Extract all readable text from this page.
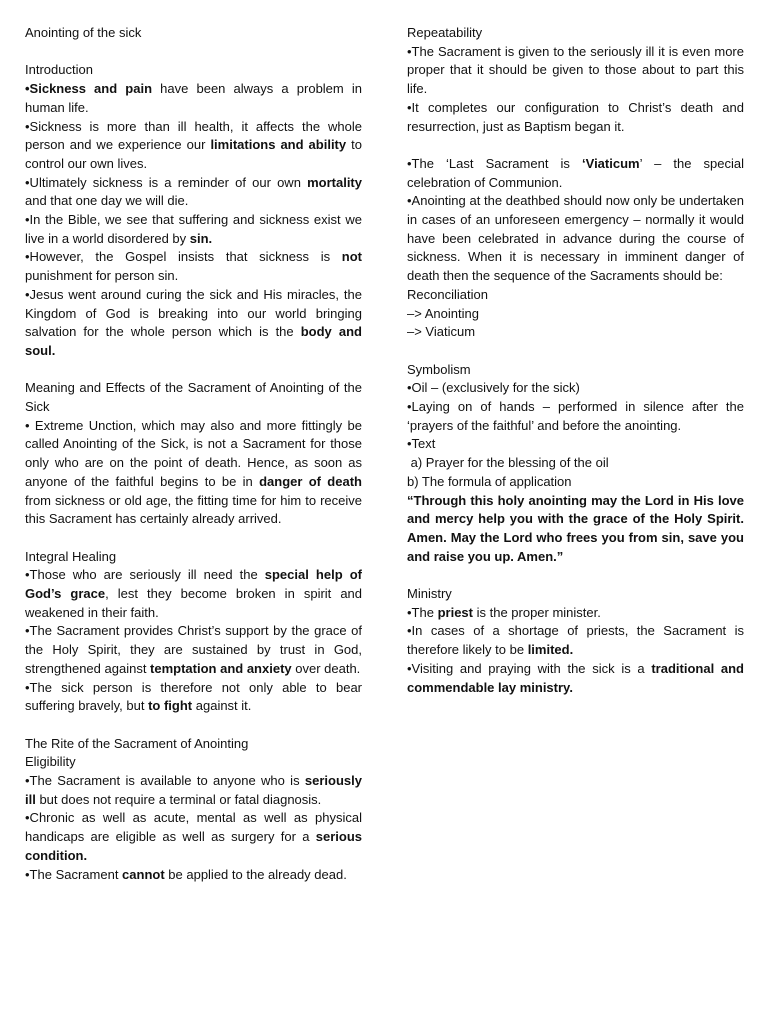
Anointing of the sick

Introduction

•Sickness and pain have been always a problem in human life.

•Sickness is more than ill health, it affects the whole person and we experience our limitations and ability to control our own lives.

•Ultimately sickness is a reminder of our own mortality and that one day we will die.

•In the Bible, we see that suffering and sickness exist we live in a world disordered by sin.

•However, the Gospel insists that sickness is not punishment for person sin.

•Jesus went around curing the sick and His miracles, the Kingdom of God is breaking into our world bringing salvation for the whole person which is the body and soul.

Meaning and Effects of the Sacrament of Anointing of the Sick

• Extreme Unction, which may also and more fittingly be called Anointing of the Sick, is not a Sacrament for those only who are on the point of death. Hence, as soon as anyone of the faithful begins to be in danger of death from sickness or old age, the fitting time for him to receive this Sacrament has certainly already arrived.

Integral Healing

•Those who are seriously ill need the special help of God’s grace, lest they become broken in spirit and weakened in their faith.

•The Sacrament provides Christ’s support by the grace of the Holy Spirit, they are sustained by trust in God, strengthened against temptation and anxiety over death.

•The sick person is therefore not only able to bear suffering bravely, but to fight against it.

The Rite of the Sacrament of Anointing

Eligibility

•The Sacrament is available to anyone who is seriously ill but does not require a terminal or fatal diagnosis.

•Chronic as well as acute, mental as well as physical handicaps are eligible as well as surgery for a serious condition.

•The Sacrament cannot be applied to the already dead.

Repeatability

•The Sacrament is given to the seriously ill it is even more proper that it should be given to those about to part this life.

•It completes our configuration to Christ’s death and resurrection, just as Baptism began it.

•The ‘Last Sacrament is ‘Viaticum’ – the special celebration of Communion.

•Anointing at the deathbed should now only be undertaken in cases of an unforeseen emergency – normally it would have been celebrated in advance during the course of sickness. When it is necessary in imminent danger of death then the sequence of the Sacraments should be:

Reconciliation

–> Anointing

–> Viaticum

Symbolism

•Oil – (exclusively for the sick)

•Laying on of hands – performed in silence after the ‘prayers of the faithful’ and before the anointing.

•Text

a) Prayer for the blessing of the oil

b) The formula of application

“Through this holy anointing may the Lord in His love and mercy help you with the grace of the Holy Spirit. Amen. May the Lord who frees you from sin, save you and raise you up. Amen.”

Ministry

•The priest is the proper minister.

•In cases of a shortage of priests, the Sacrament is therefore likely to be limited.

•Visiting and praying with the sick is a traditional and commendable lay ministry.
